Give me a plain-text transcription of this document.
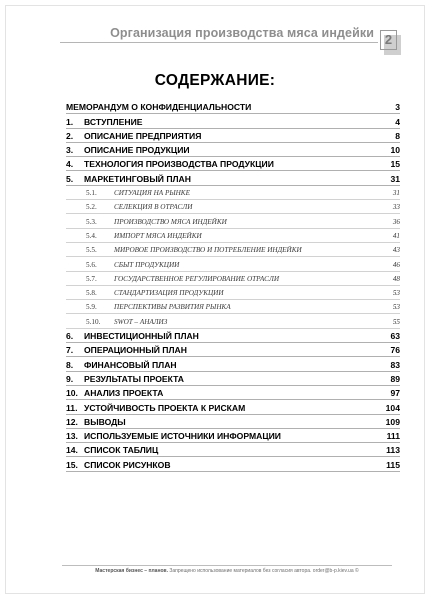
Организация производства мяса индейки 2
СОДЕРЖАНИЕ:
МЕМОРАНДУМ О КОНФИДЕНЦИАЛЬНОСТИ	3
1.	ВСТУПЛЕНИЕ	4
2.	ОПИСАНИЕ ПРЕДПРИЯТИЯ	8
3.	ОПИСАНИЕ ПРОДУКЦИИ	10
4.	ТЕХНОЛОГИЯ ПРОИЗВОДСТВА ПРОДУКЦИИ	15
5.	МАРКЕТИНГОВЫЙ ПЛАН	31
5.1.	СИТУАЦИЯ НА РЫНКЕ	31
5.2.	СЕЛЕКЦИЯ В ОТРАСЛИ	33
5.3.	ПРОИЗВОДСТВО МЯСА ИНДЕЙКИ	36
5.4.	ИМПОРТ МЯСА ИНДЕЙКИ	41
5.5.	МИРОВОЕ ПРОИЗВОДСТВО И ПОТРЕБЛЕНИЕ ИНДЕЙКИ	43
5.6.	СБЫТ ПРОДУКЦИИ	46
5.7.	ГОСУДАРСТВЕННОЕ РЕГУЛИРОВАНИЕ ОТРАСЛИ	48
5.8.	СТАНДАРТИЗАЦИЯ ПРОДУКЦИИ	53
5.9.	ПЕРСПЕКТИВЫ РАЗВИТИЯ РЫНКА	53
5.10.	SWOT – АНАЛИЗ	55
6.	ИНВЕСТИЦИОННЫЙ ПЛАН	63
7.	ОПЕРАЦИОННЫЙ ПЛАН	76
8.	ФИНАНСОВЫЙ ПЛАН	83
9.	РЕЗУЛЬТАТЫ ПРОЕКТА	89
10. АНАЛИЗ ПРОЕКТА	97
11. УСТОЙЧИВОСТЬ ПРОЕКТА К РИСКАМ	104
12. ВЫВОДЫ	109
13. ИСПОЛЬЗУЕМЫЕ ИСТОЧНИКИ ИНФОРМАЦИИ	111
14. СПИСОК ТАБЛИЦ	113
15. СПИСОК РИСУНКОВ	115
Мастерская бизнес – планов. Запрещено использование материалов без согласия автора. order@b-p.kiev.ua ©
